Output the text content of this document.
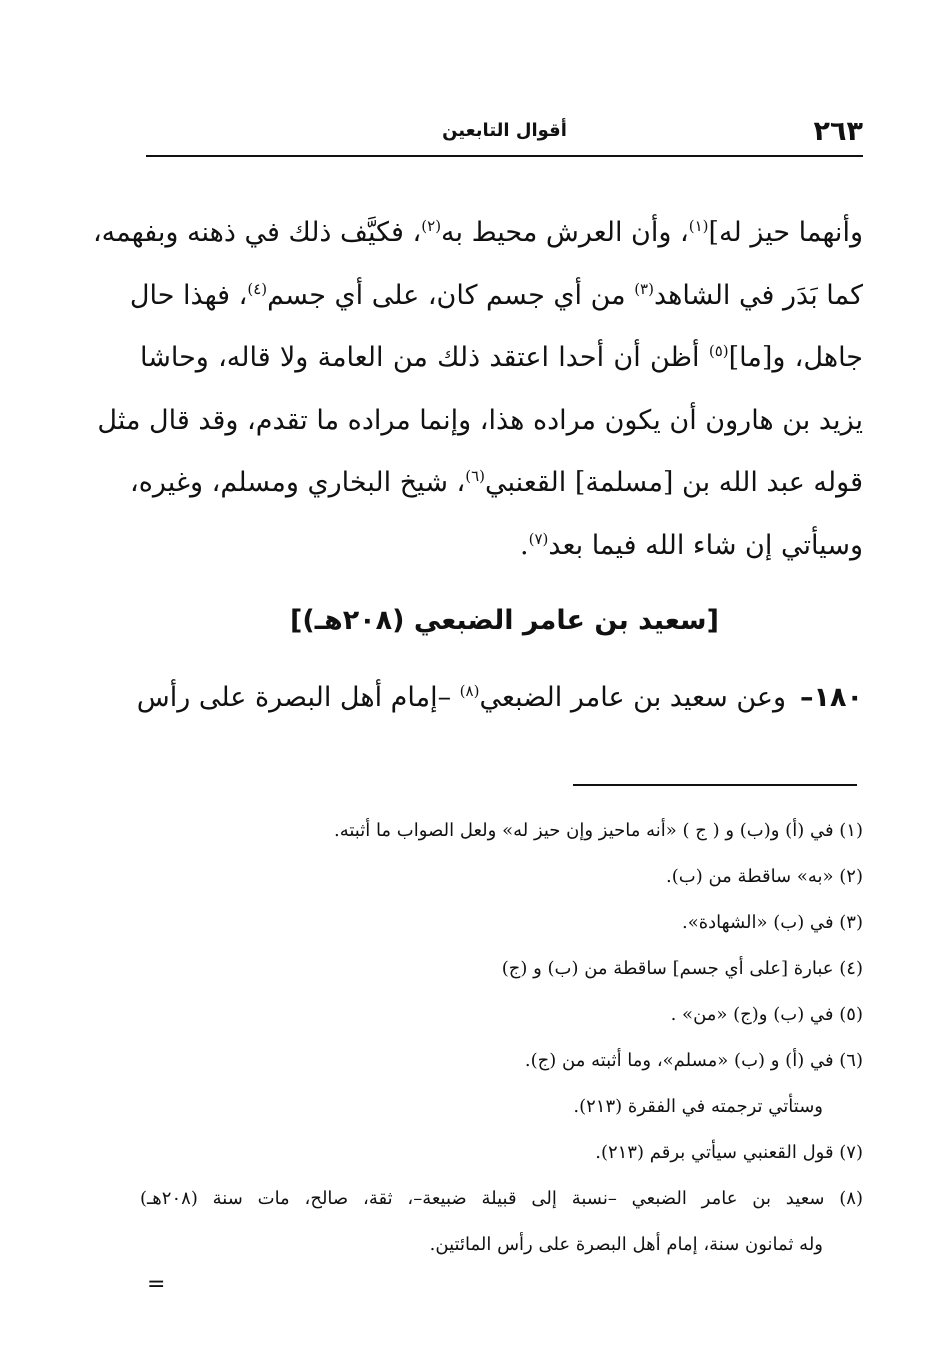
٢٦٣
أقوال التابعين
وأنهما حيز له]$^{(١)}$، وأن العرش محيط به$^{(٢)}$، فكيَّف ذلك في ذهنه وبفهمه،
كما بَدَر في الشاهد$^{(٣)}$ من أي جسم كان، على أي جسم$^{(٤)}$، فهذا حال
جاهل، و[ما]$^{(٥)}$ أظن أن أحدا اعتقد ذلك من العامة ولا قاله، وحاشا
يزيد بن هارون أن يكون مراده هذا، وإنما مراده ما تقدم، وقد قال مثل
قوله عبد الله بن [مسلمة] القعنبي$^{(٦)}$، شيخ البخاري ومسلم، وغيره،
وسيأتي إن شاء الله فيما بعد$^{(٧)}$.
[سعيد بن عامر الضبعي (٢٠٨هـ)]
١٨٠–وعن سعيد بن عامر الضبعي$^{(٨)}$ –إمام أهل البصرة على رأس
(١) في (أ) و(ب) و ( ج ) «أنه ماحيز وإن حيز له» ولعل الصواب ما أثبته.
(٢) «به» ساقطة من (ب).
(٣) في (ب) «الشهادة».
(٤) عبارة [على أي جسم] ساقطة من (ب) و (ج)
(٥) في (ب) و(ج) «من» .
(٦) في (أ) و (ب) «مسلم»، وما أثبته من (ج).
وستأتي ترجمته في الفقرة (٢١٣).
(٧) قول القعنبي سيأتي برقم (٢١٣).
(٨) سعيد بن عامر الضبعي –نسبة إلى قبيلة ضبيعة–، ثقة، صالح، مات سنة (٢٠٨هـ)
وله ثمانون سنة، إمام أهل البصرة على رأس المائتين.
=
